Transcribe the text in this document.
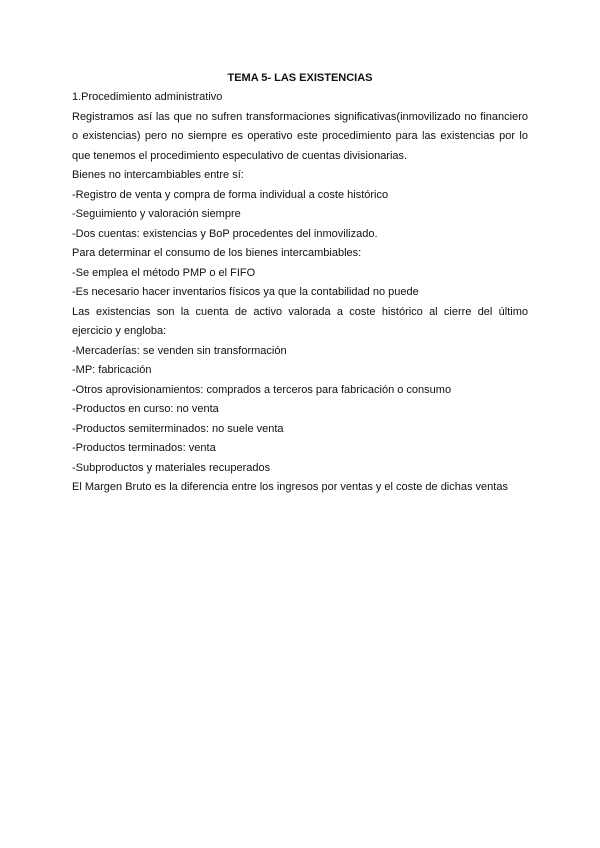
TEMA 5- LAS EXISTENCIAS
1.Procedimiento administrativo
Registramos así las que no sufren transformaciones significativas(inmovilizado no financiero
o existencias) pero no siempre es operativo este procedimiento para las existencias por lo
que tenemos el procedimiento especulativo de cuentas divisionarias.
Bienes no intercambiables entre sí:
-Registro de venta y compra de forma individual a coste histórico
-Seguimiento y valoración siempre
-Dos cuentas: existencias y BoP procedentes del inmovilizado.
Para determinar el consumo de los bienes intercambiables:
-Se emplea el método PMP o el FIFO
-Es necesario hacer inventarios físicos ya que la contabilidad no puede
Las existencias son la cuenta de activo valorada a coste histórico al cierre del último
ejercicio y engloba:
-Mercaderías: se venden sin transformación
-MP: fabricación
-Otros aprovisionamientos: comprados a terceros para fabricación o consumo
-Productos en curso: no venta
-Productos semiterminados: no suele venta
-Productos terminados: venta
-Subproductos y materiales recuperados
El Margen Bruto es la diferencia entre los ingresos por ventas y el coste de dichas ventas
